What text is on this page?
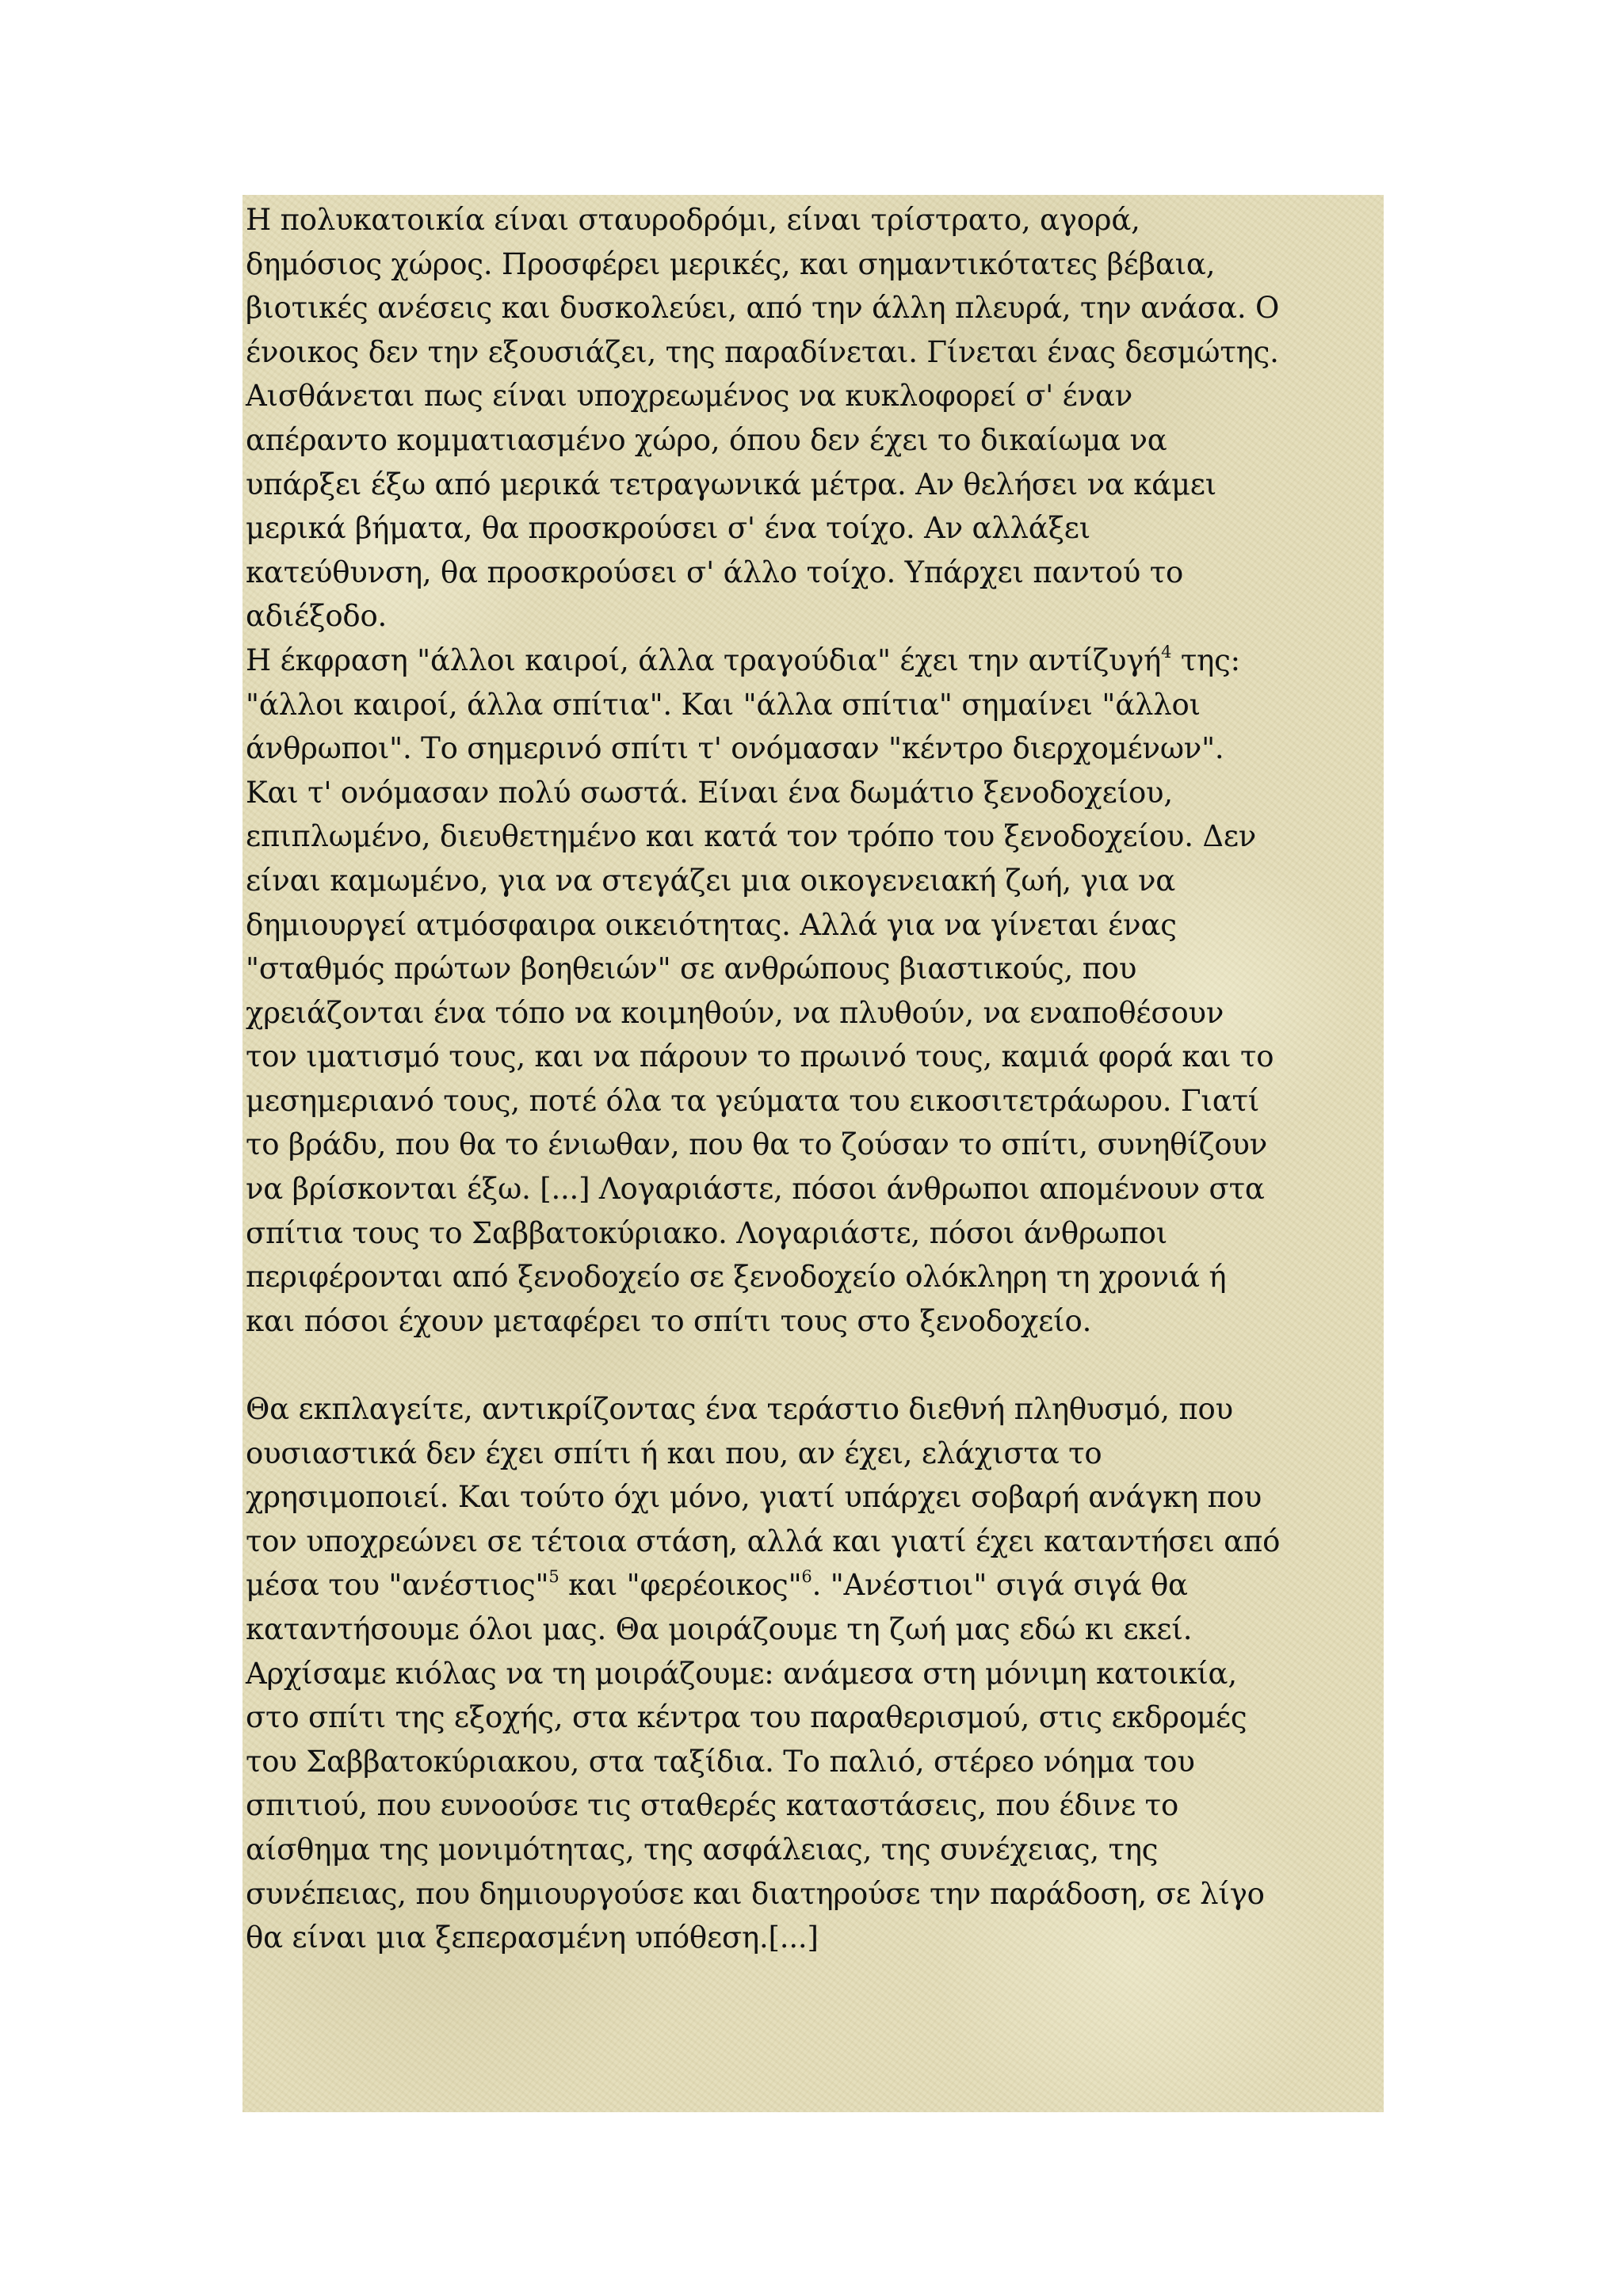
Η πολυκατοικία είναι σταυροδρόμι, είναι τρίστρατο, αγορά,
δημόσιος χώρος. Προσφέρει μερικές, και σημαντικότατες βέβαια,
βιοτικές ανέσεις και δυσκολεύει, από την άλλη πλευρά, την ανάσα. Ο
ένοικος δεν την εξουσιάζει, της παραδίνεται. Γίνεται ένας δεσμώτης.
Αισθάνεται πως είναι υποχρεωμένος να κυκλοφορεί σ' έναν
απέραντο κομματιασμένο χώρο, όπου δεν έχει το δικαίωμα να
υπάρξει έξω από μερικά τετραγωνικά μέτρα. Αν θελήσει να κάμει
μερικά βήματα, θα προσκρούσει σ' ένα τοίχο. Αν αλλάξει
κατεύθυνση, θα προσκρούσει σ' άλλο τοίχο. Υπάρχει παντού το
αδιέξοδο.
Η έκφραση "άλλοι καιροί, άλλα τραγούδια" έχει την αντίζυγή$^4$ της:
"άλλοι καιροί, άλλα σπίτια". Και "άλλα σπίτια" σημαίνει "άλλοι
άνθρωποι". Το σημερινό σπίτι τ' ονόμασαν "κέντρο διερχομένων".
Και τ' ονόμασαν πολύ σωστά. Είναι ένα δωμάτιο ξενοδοχείου,
επιπλωμένο, διευθετημένο και κατά τον τρόπο του ξενοδοχείου. Δεν
είναι καμωμένο, για να στεγάζει μια οικογενειακή ζωή, για να
δημιουργεί ατμόσφαιρα οικειότητας. Αλλά για να γίνεται ένας
"σταθμός πρώτων βοηθειών" σε ανθρώπους βιαστικούς, που
χρειάζονται ένα τόπο να κοιμηθούν, να πλυθούν, να εναποθέσουν
τον ιματισμό τους, και να πάρουν το πρωινό τους, καμιά φορά και το
μεσημεριανό τους, ποτέ όλα τα γεύματα του εικοσιτετράωρου. Γιατί
το βράδυ, που θα το ένιωθαν, που θα το ζούσαν το σπίτι, συνηθίζουν
να βρίσκονται έξω. [...] Λογαριάστε, πόσοι άνθρωποι απομένουν στα
σπίτια τους το Σαββατοκύριακο. Λογαριάστε, πόσοι άνθρωποι
περιφέρονται από ξενοδοχείο σε ξενοδοχείο ολόκληρη τη χρονιά ή
και πόσοι έχουν μεταφέρει το σπίτι τους στο ξενοδοχείο.
Θα εκπλαγείτε, αντικρίζοντας ένα τεράστιο διεθνή πληθυσμό, που
ουσιαστικά δεν έχει σπίτι ή και που, αν έχει, ελάχιστα το
χρησιμοποιεί. Και τούτο όχι μόνο, γιατί υπάρχει σοβαρή ανάγκη που
τον υποχρεώνει σε τέτοια στάση, αλλά και γιατί έχει καταντήσει από
μέσα του "ανέστιος"$^5$ και "φερέοικος"$^6$. "Ανέστιοι" σιγά σιγά θα
καταντήσουμε όλοι μας. Θα μοιράζουμε τη ζωή μας εδώ κι εκεί.
Αρχίσαμε κιόλας να τη μοιράζουμε: ανάμεσα στη μόνιμη κατοικία,
στο σπίτι της εξοχής, στα κέντρα του παραθερισμού, στις εκδρομές
του Σαββατοκύριακου, στα ταξίδια. Το παλιό, στέρεο νόημα του
σπιτιού, που ευνοούσε τις σταθερές καταστάσεις, που έδινε το
αίσθημα της μονιμότητας, της ασφάλειας, της συνέχειας, της
συνέπειας, που δημιουργούσε και διατηρούσε την παράδοση, σε λίγο
θα είναι μια ξεπερασμένη υπόθεση.[...]
